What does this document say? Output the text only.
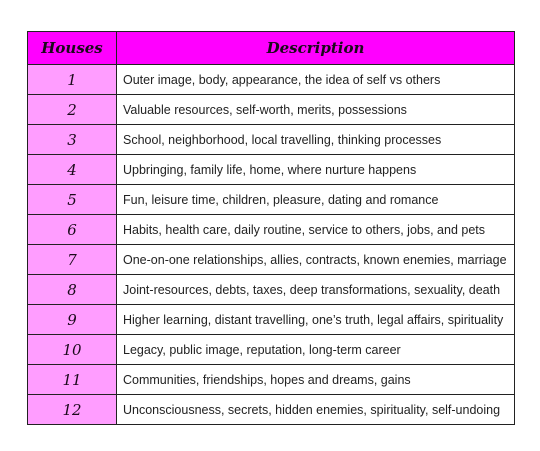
Houses	Description
1	Outer image, body, appearance, the idea of self vs others
2	Valuable resources, self-worth, merits, possessions
3	School, neighborhood, local travelling, thinking processes
4	Upbringing, family life, home, where nurture happens
5	Fun, leisure time, children, pleasure, dating and romance
6	Habits, health care, daily routine, service to others, jobs, and pets
7	One-on-one relationships, allies, contracts, known enemies, marriage
8	Joint-resources, debts, taxes, deep transformations, sexuality, death
9	Higher learning, distant travelling, one’s truth, legal affairs, spirituality
10	Legacy, public image, reputation, long-term career
11	Communities, friendships, hopes and dreams, gains
12	Unconsciousness, secrets, hidden enemies, spirituality, self-undoing
